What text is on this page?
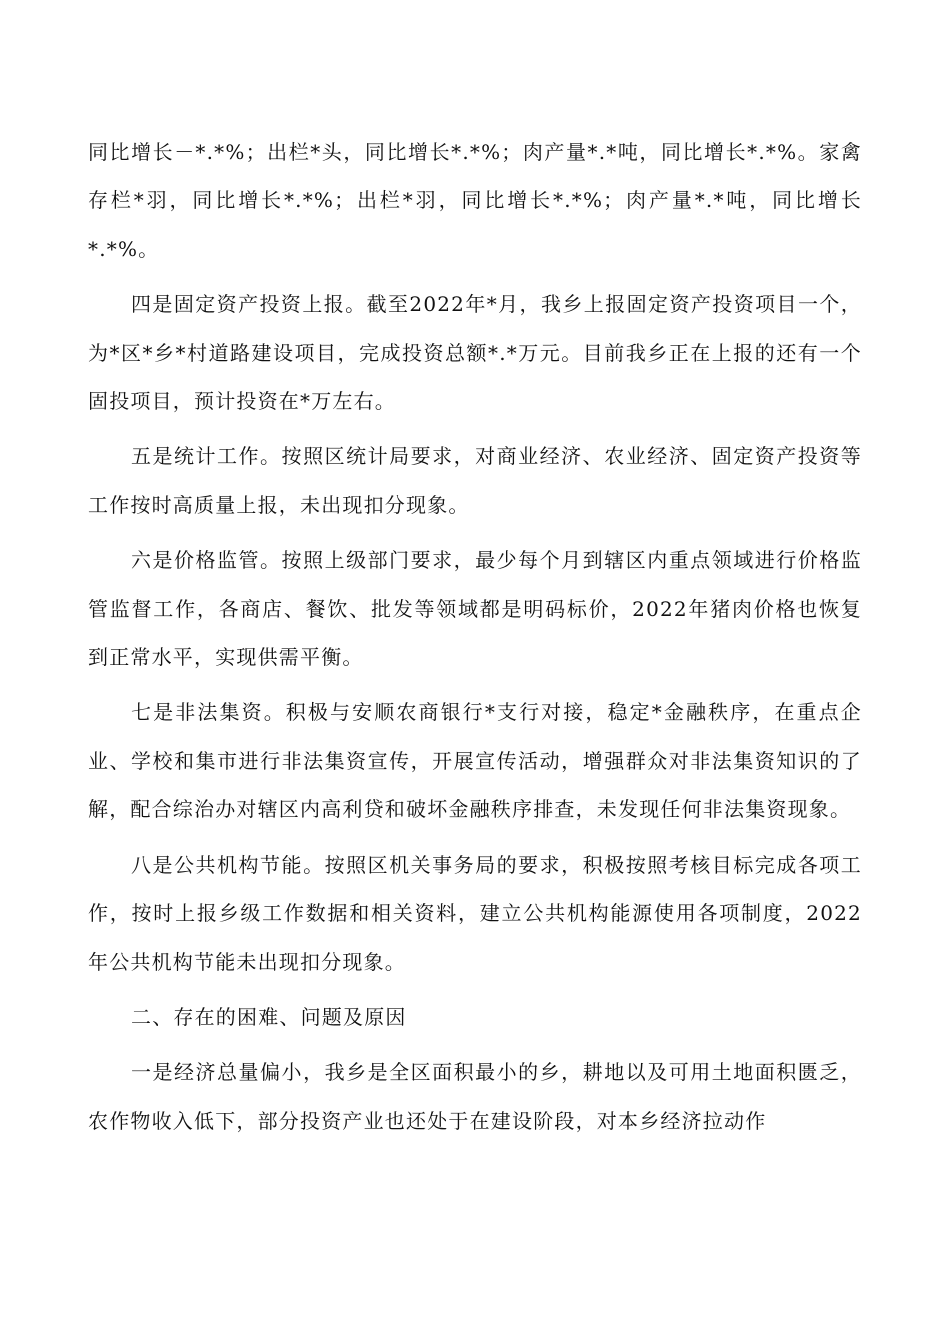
同比增长－*.*%；出栏*头，同比增长*.*%；肉产量*.*吨，同比增长*.*%。家禽存栏*羽，同比增长*.*%；出栏*羽，同比增长*.*%；肉产量*.*吨，同比增长*.*%。

四是固定资产投资上报。截至2022年*月，我乡上报固定资产投资项目一个，为*区*乡*村道路建设项目，完成投资总额*.*万元。目前我乡正在上报的还有一个固投项目，预计投资在*万左右。

五是统计工作。按照区统计局要求，对商业经济、农业经济、固定资产投资等工作按时高质量上报，未出现扣分现象。

六是价格监管。按照上级部门要求，最少每个月到辖区内重点领域进行价格监管监督工作，各商店、餐饮、批发等领域都是明码标价，2022年猪肉价格也恢复到正常水平，实现供需平衡。

七是非法集资。积极与安顺农商银行*支行对接，稳定*金融秩序，在重点企业、学校和集市进行非法集资宣传，开展宣传活动，增强群众对非法集资知识的了解，配合综治办对辖区内高利贷和破坏金融秩序排查，未发现任何非法集资现象。

八是公共机构节能。按照区机关事务局的要求，积极按照考核目标完成各项工作，按时上报乡级工作数据和相关资料，建立公共机构能源使用各项制度，2022年公共机构节能未出现扣分现象。

二、存在的困难、问题及原因

一是经济总量偏小，我乡是全区面积最小的乡，耕地以及可用土地面积匮乏，农作物收入低下，部分投资产业也还处于在建设阶段，对本乡经济拉动作
